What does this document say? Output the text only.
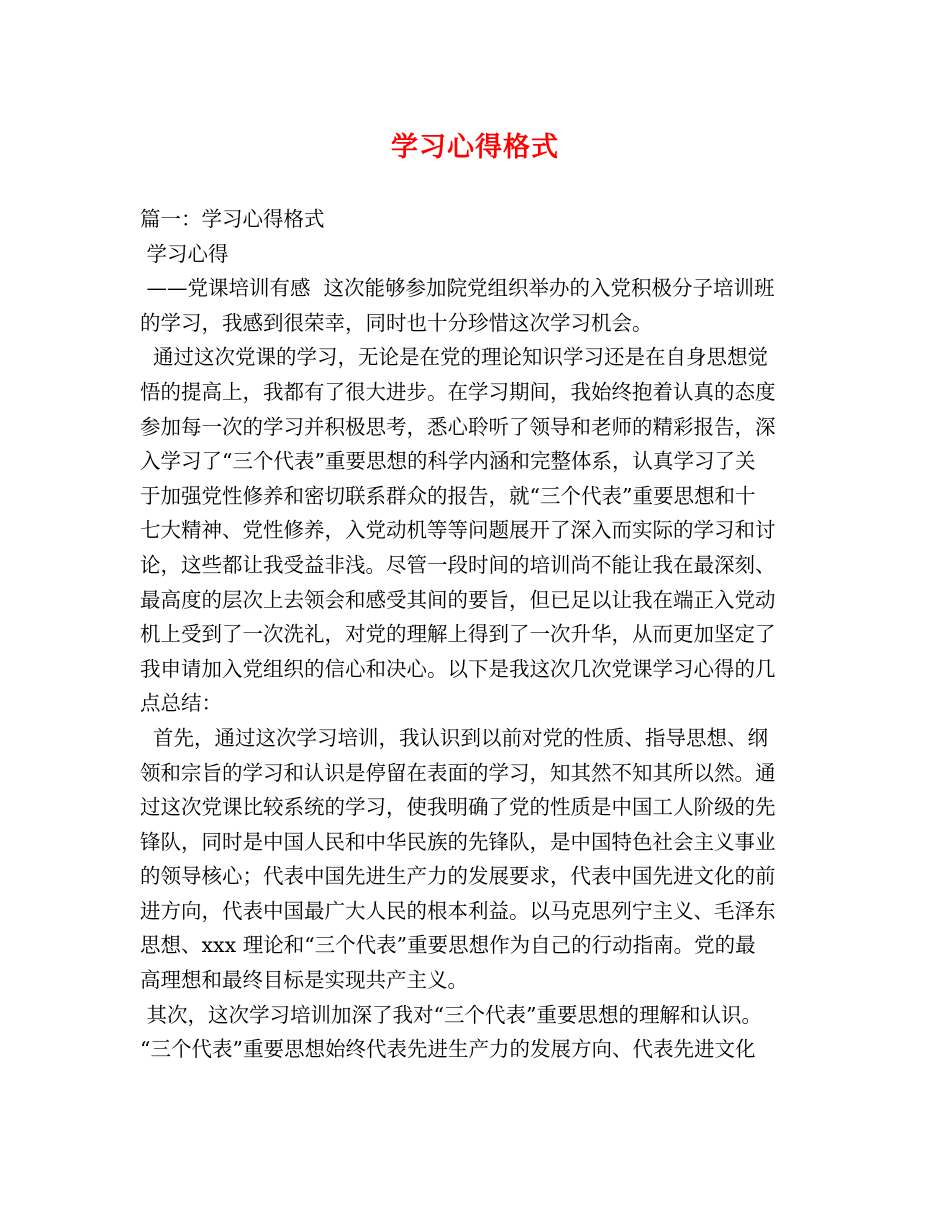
学习心得格式
篇一：学习心得格式
学习心得
——党课培训有感  这次能够参加院党组织举办的入党积极分子培训班
的学习，我感到很荣幸，同时也十分珍惜这次学习机会。
通过这次党课的学习，无论是在党的理论知识学习还是在自身思想觉
悟的提高上，我都有了很大进步。在学习期间，我始终抱着认真的态度
参加每一次的学习并积极思考，悉心聆听了领导和老师的精彩报告，深
入学习了“三个代表”重要思想的科学内涵和完整体系，认真学习了关
于加强党性修养和密切联系群众的报告，就“三个代表”重要思想和十
七大精神、党性修养，入党动机等等问题展开了深入而实际的学习和讨
论，这些都让我受益非浅。尽管一段时间的培训尚不能让我在最深刻、
最高度的层次上去领会和感受其间的要旨，但已足以让我在端正入党动
机上受到了一次洗礼，对党的理解上得到了一次升华，从而更加坚定了
我申请加入党组织的信心和决心。以下是我这次几次党课学习心得的几
点总结：
首先，通过这次学习培训，我认识到以前对党的性质、指导思想、纲
领和宗旨的学习和认识是停留在表面的学习，知其然不知其所以然。通
过这次党课比较系统的学习，使我明确了党的性质是中国工人阶级的先
锋队，同时是中国人民和中华民族的先锋队，是中国特色社会主义事业
的领导核心；代表中国先进生产力的发展要求，代表中国先进文化的前
进方向，代表中国最广大人民的根本利益。以马克思列宁主义、毛泽东
思想、xxx 理论和“三个代表”重要思想作为自己的行动指南。党的最
高理想和最终目标是实现共产主义。
其次，这次学习培训加深了我对“三个代表”重要思想的理解和认识。
“三个代表”重要思想始终代表先进生产力的发展方向、代表先进文化
